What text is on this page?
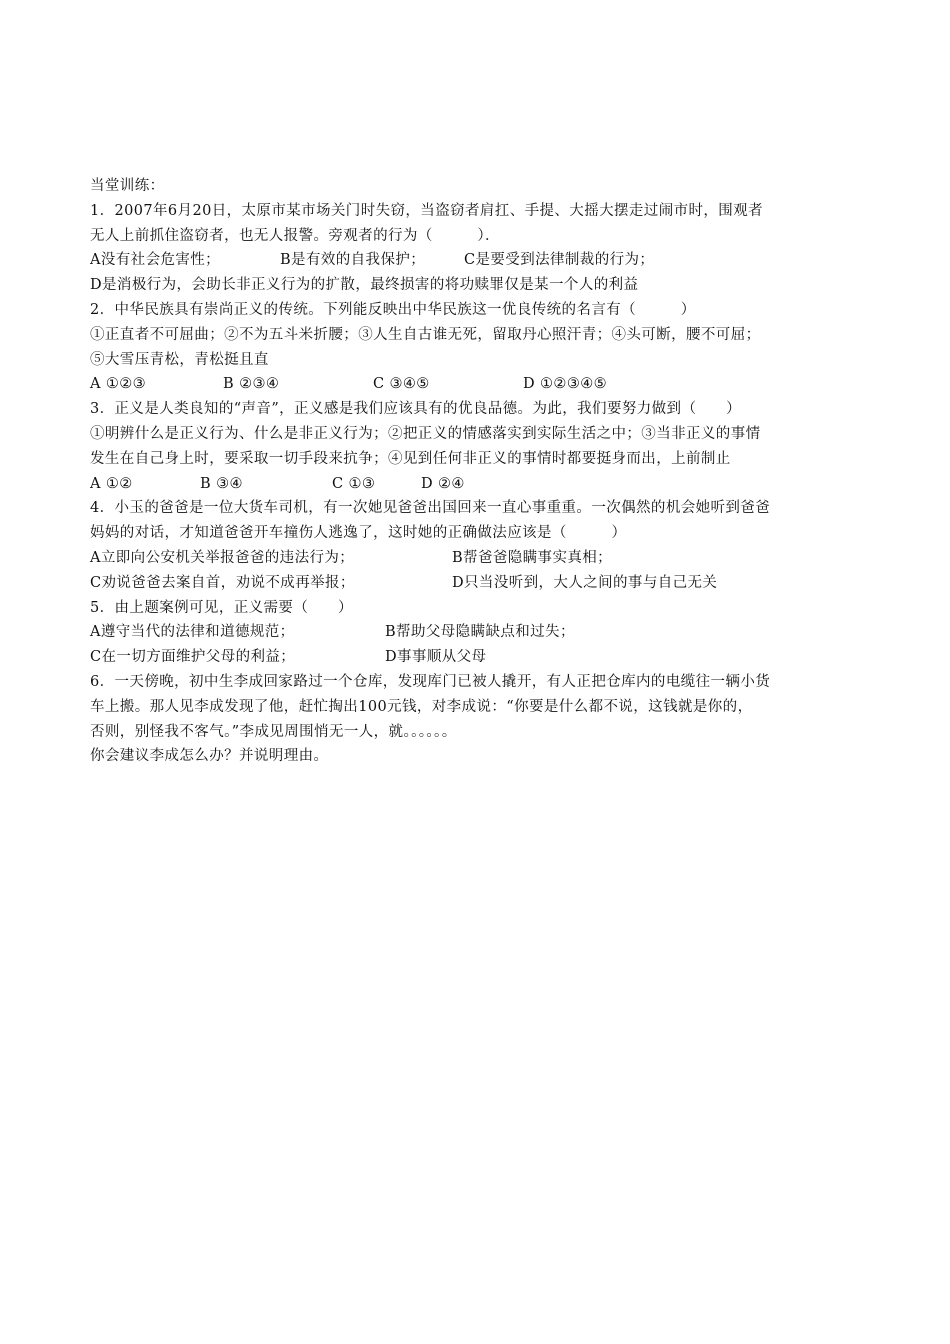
当堂训练：
1．2007年6月20日，太原市某市场关门时失窃，当盗窃者肩扛、手提、大摇大摆走过闹市时，围观者
无人上前抓住盗窃者，也无人报警。旁观者的行为（　　　）．
A没有社会危害性；	B是有效的自我保护；	C是要受到法律制裁的行为；
D是消极行为，会助长非正义行为的扩散，最终损害的将功赎罪仅是某一个人的利益
2．中华民族具有崇尚正义的传统。下列能反映出中华民族这一优良传统的名言有（　　　）
①正直者不可屈曲；②不为五斗米折腰；③人生自古谁无死，留取丹心照汗青；④头可断，腰不可屈；
⑤大雪压青松，青松挺且直
A ①②③	B ②③④	C ③④⑤	D ①②③④⑤
3．正义是人类良知的“声音”，正义感是我们应该具有的优良品德。为此，我们要努力做到（　　）
①明辨什么是正义行为、什么是非正义行为；②把正义的情感落实到实际生活之中；③当非正义的事情
发生在自己身上时，要采取一切手段来抗争；④见到任何非正义的事情时都要挺身而出，上前制止
A ①②	B ③④	C ①③	D ②④
4．小玉的爸爸是一位大货车司机，有一次她见爸爸出国回来一直心事重重。一次偶然的机会她听到爸爸
妈妈的对话，才知道爸爸开车撞伤人逃逸了，这时她的正确做法应该是（　　　）
A立即向公安机关举报爸爸的违法行为；	B帮爸爸隐瞒事实真相；
C劝说爸爸去案自首，劝说不成再举报；	D只当没听到，大人之间的事与自己无关
5．由上题案例可见，正义需要（　　）
A遵守当代的法律和道德规范；	B帮助父母隐瞒缺点和过失；
C在一切方面维护父母的利益；	D事事顺从父母
6．一天傍晚，初中生李成回家路过一个仓库，发现库门已被人撬开，有人正把仓库内的电缆往一辆小货
车上搬。那人见李成发现了他，赶忙掏出100元钱，对李成说：“你要是什么都不说，这钱就是你的，
否则，别怪我不客气。”李成见周围悄无一人，就。。。。。。
你会建议李成怎么办？并说明理由。
